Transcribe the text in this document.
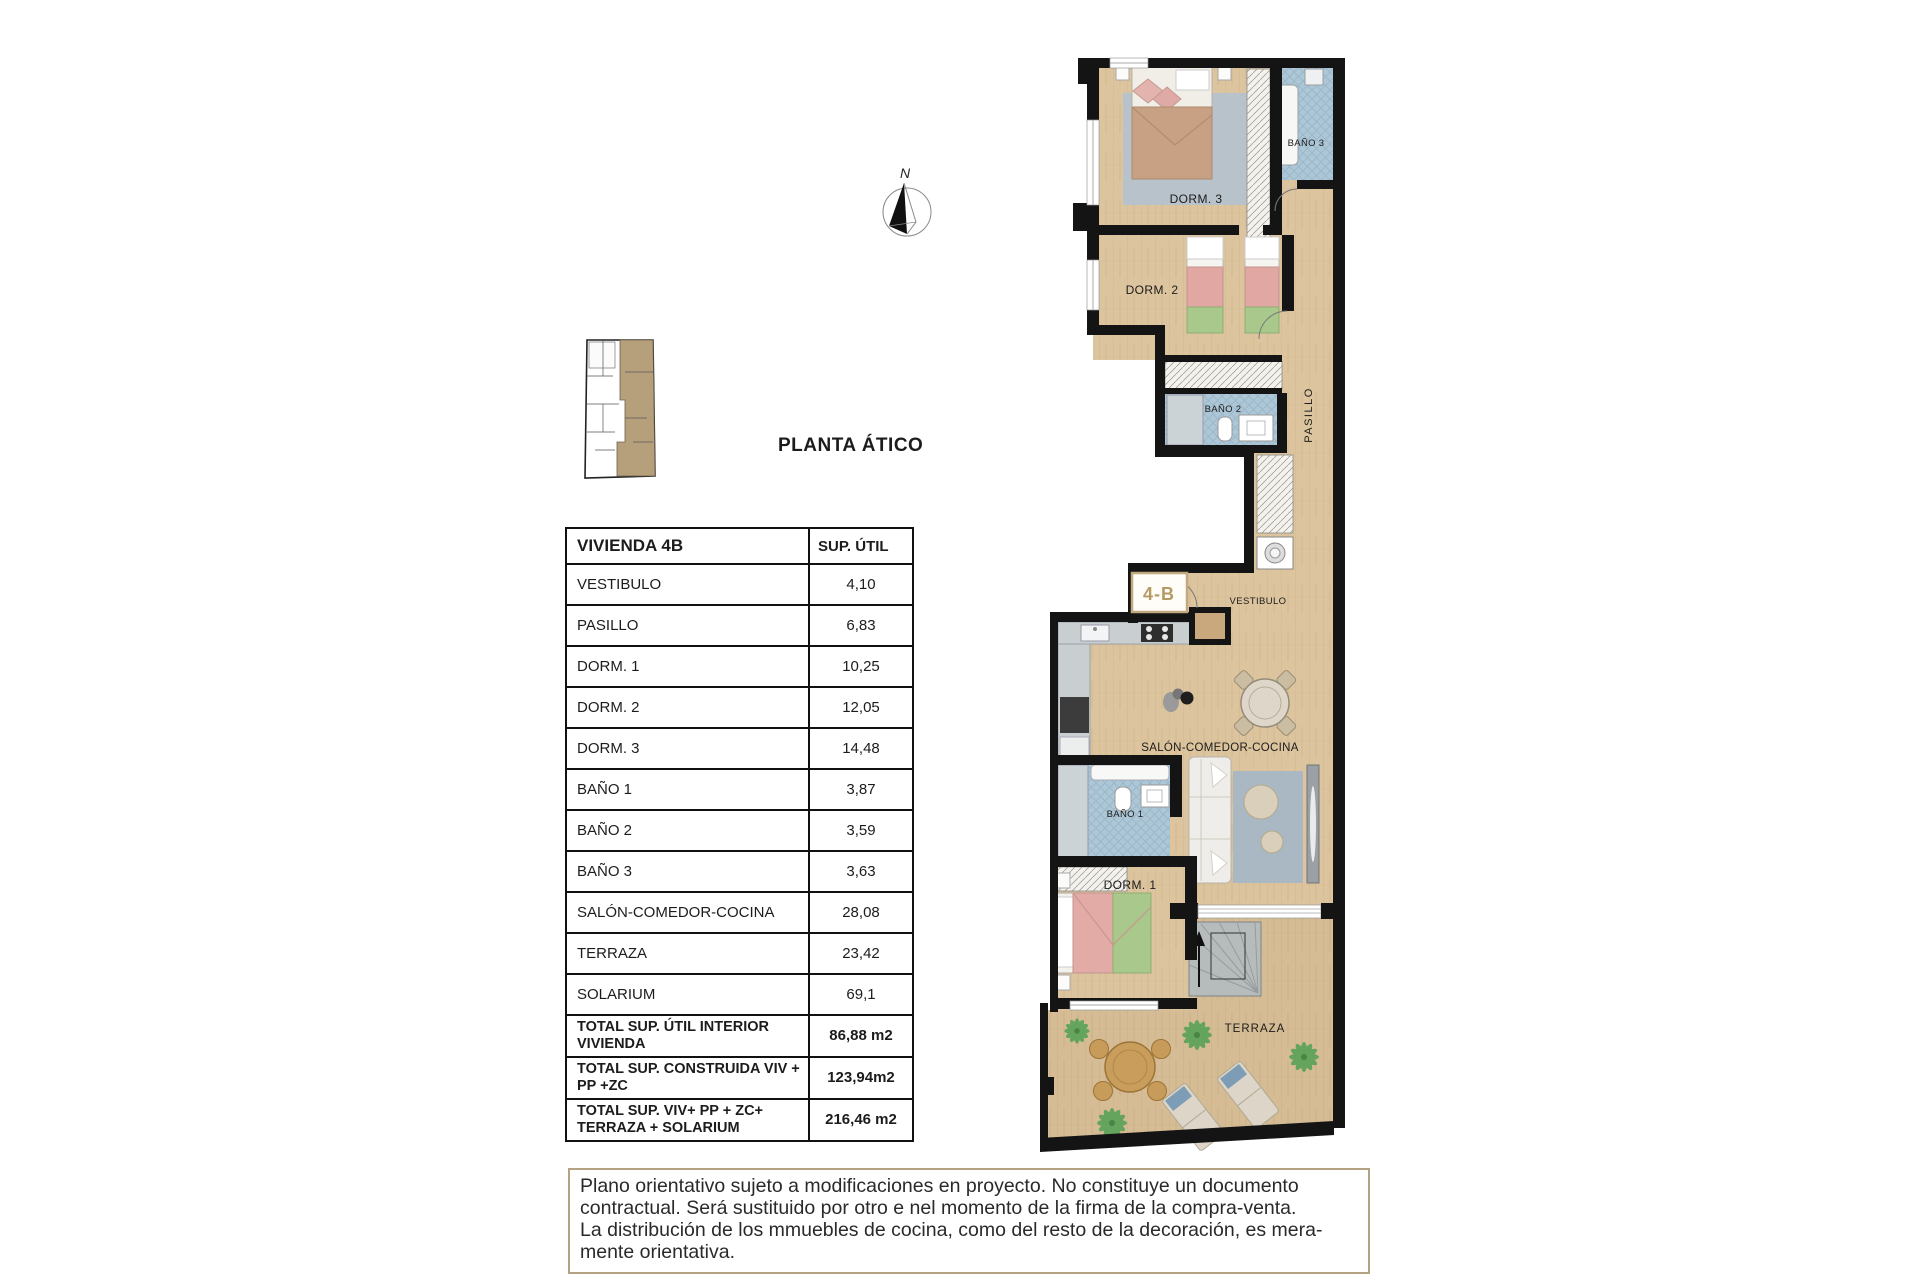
N
PLANTA ÁTICO
VIVIENDA 4B	SUP. ÚTIL
VESTIBULO	4,10
PASILLO	6,83
DORM. 1	10,25
DORM. 2	12,05
DORM. 3	14,48
BAÑO 1	3,87
BAÑO 2	3,59
BAÑO 3	3,63
SALÓN-COMEDOR-COCINA	28,08
TERRAZA	23,42
SOLARIUM	69,1
TOTAL SUP. ÚTIL INTERIOR VIVIENDA	86,88 m2
TOTAL SUP. CONSTRUIDA VIV + PP +ZC	123,94m2
TOTAL SUP. VIV+ PP + ZC+ TERRAZA + SOLARIUM	216,46 m2
4-B
DORM. 3
BAÑO 3
DORM. 2
BAÑO 2	PASILLO
VESTIBULO
SALÓN-COMEDOR-COCINA
BAÑO 1
DORM. 1
TERRAZA
Plano orientativo sujeto a modificaciones en proyecto. No constituye un documento
contractual. Será sustituido por otro e nel momento de la firma de la compra-venta.
La distribución de los mmuebles de cocina, como del resto de la decoración, es mera-
mente orientativa.
